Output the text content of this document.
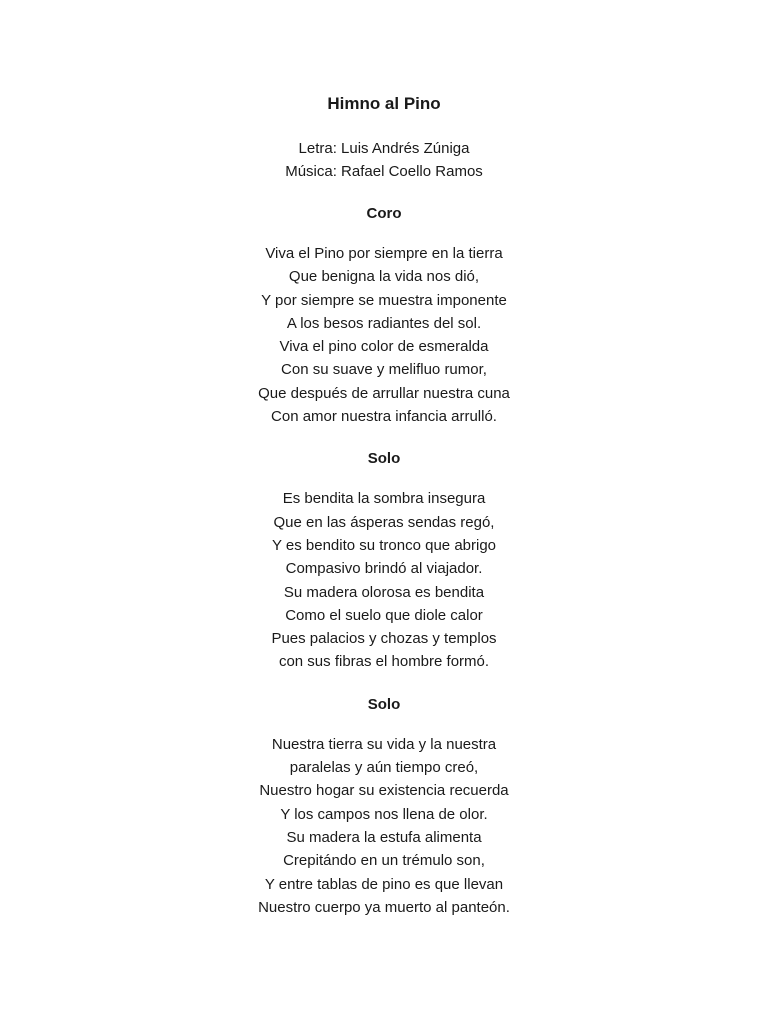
Himno al Pino
Letra: Luis Andrés Zúniga
Música: Rafael Coello Ramos
Coro
Viva el Pino por siempre en la tierra
Que benigna la vida nos dió,
Y por siempre se muestra imponente
A los besos radiantes del sol.
Viva el pino color de esmeralda
Con su suave y melifluo rumor,
Que después de arrullar nuestra cuna
Con amor nuestra infancia arrulló.
Solo
Es bendita la sombra insegura
Que en las ásperas sendas regó,
Y es bendito su tronco que abrigo
Compasivo brindó al viajador.
Su madera olorosa es bendita
Como el suelo que diole calor
Pues palacios y chozas y templos
con sus fibras el hombre formó.
Solo
Nuestra tierra su vida y la nuestra
paralelas y aún tiempo creó,
Nuestro hogar su existencia recuerda
Y los campos nos llena de olor.
Su madera la estufa alimenta
Crepitándo en un trémulo son,
Y entre tablas de pino es que llevan
Nuestro cuerpo ya muerto al panteón.
